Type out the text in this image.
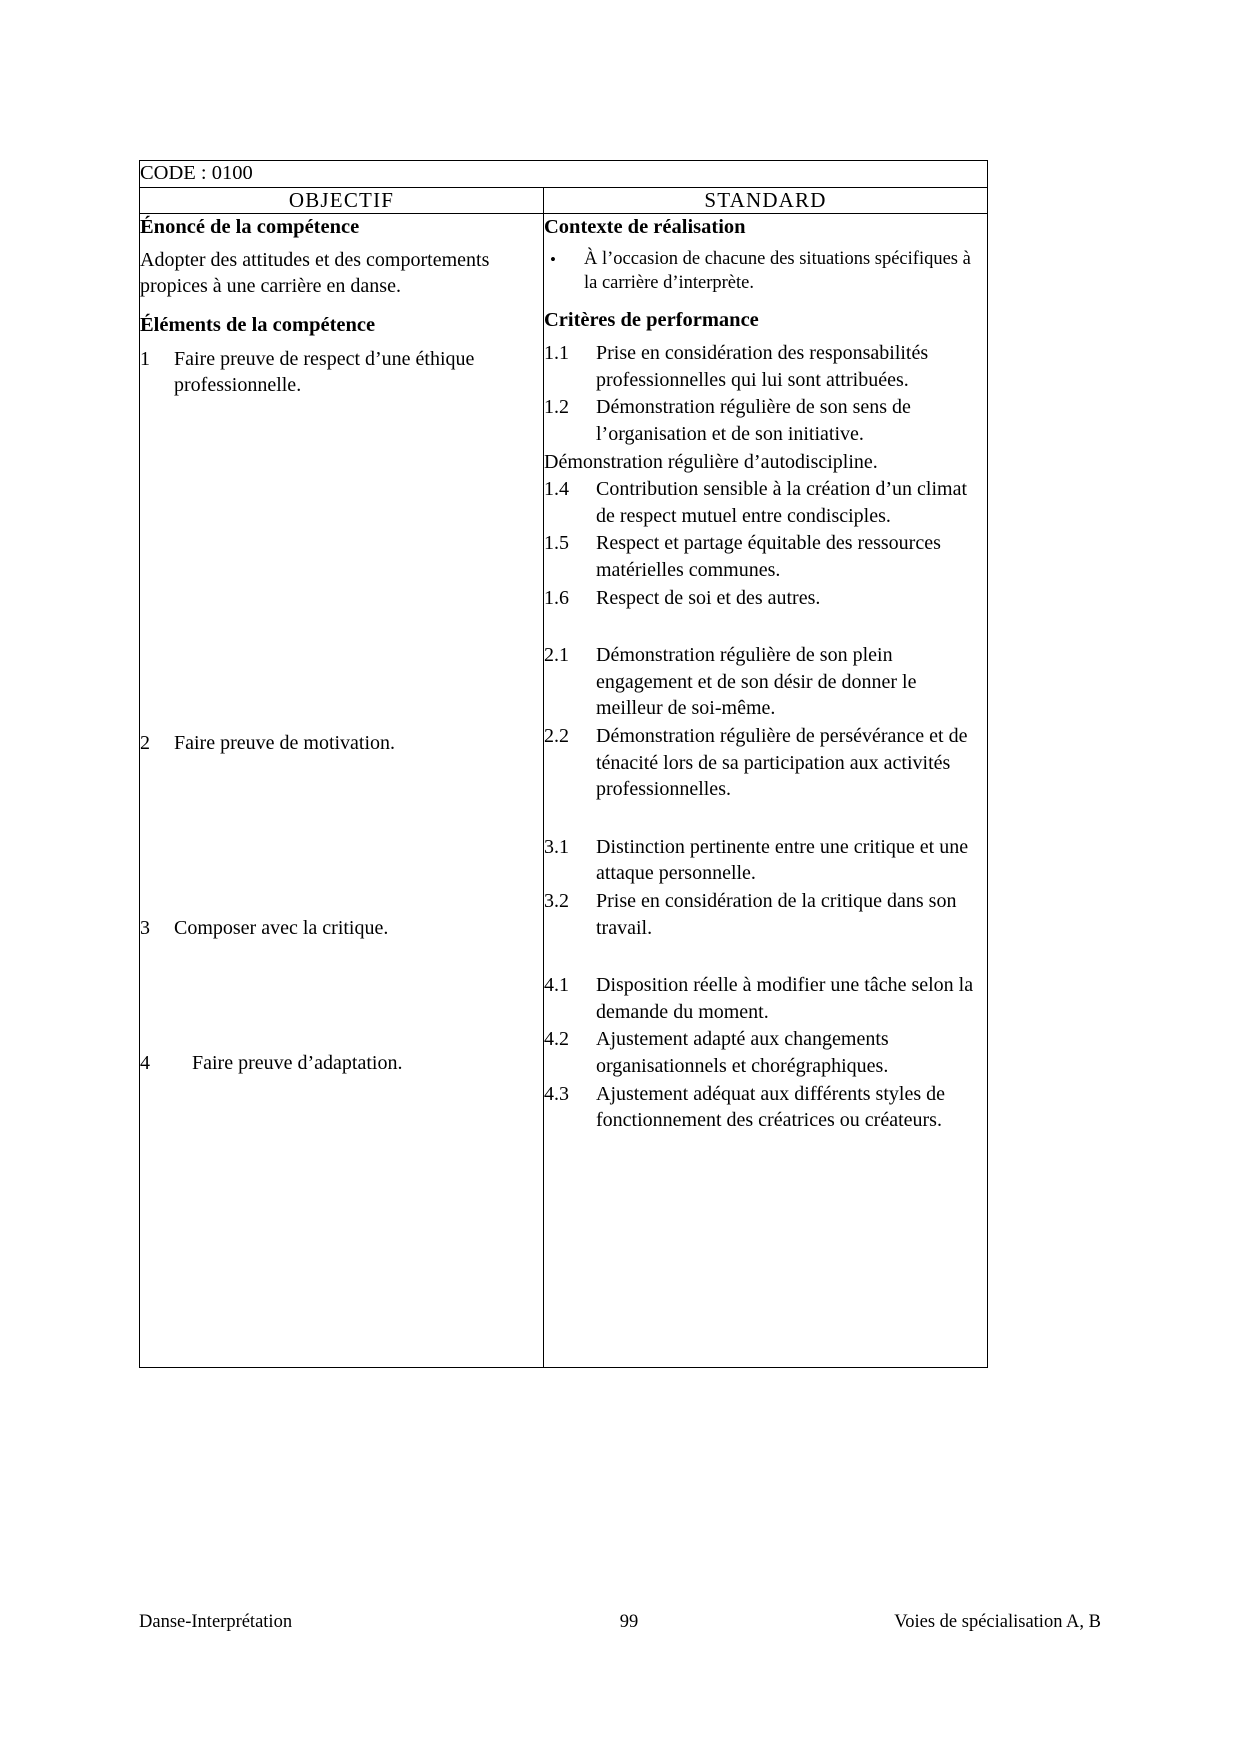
CODE : 0100	
OBJECTIF	STANDARD

Énoncé de la compétence

Adopter des attitudes et des comportements propices à une carrière en danse.

Éléments de la compétence

1	Faire preuve de respect d’une éthique professionnelle.
2	Faire preuve de motivation.
3	Composer avec la critique.
4	Faire preuve d’adaptation.

Contexte de réalisation

•	À l’occasion de chacune des situations spécifiques à la carrière d’interprète.

Critères de performance

1.1	Prise en considération des responsabilités professionnelles qui lui sont attribuées.
1.2	Démonstration régulière de son sens de l’organisation et de son initiative.

Démonstration régulière d’autodiscipline.

1.4	Contribution sensible à la création d’un climat de respect mutuel entre condisciples.
1.5	Respect et partage équitable des ressources matérielles communes.
1.6	Respect de soi et des autres.
2.1	Démonstration régulière de son plein engagement et de son désir de donner le meilleur de soi-même.
2.2	Démonstration régulière de persévérance et de ténacité lors de sa participation aux activités professionnelles.
3.1	Distinction pertinente entre une critique et une attaque personnelle.
3.2	Prise en considération de la critique dans son travail.
4.1	Disposition réelle à modifier une tâche selon la demande du moment.
4.2	Ajustement adapté aux changements organisationnels et chorégraphiques.
4.3	Ajustement adéquat aux différents styles de fonctionnement des créatrices ou créateurs.
Danse-Interprétation	99	Voies de spécialisation A, B
